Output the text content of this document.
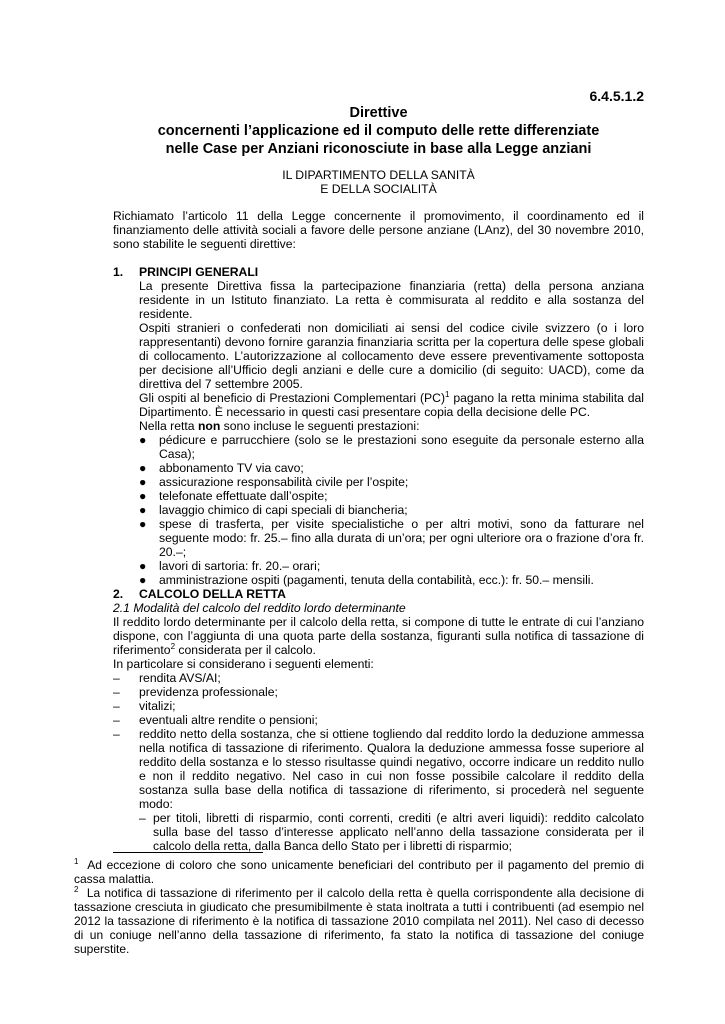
6.4.5.1.2
Direttive
concernenti l’applicazione ed il computo delle rette differenziate
nelle Case per Anziani riconosciute in base alla Legge anziani
IL DIPARTIMENTO DELLA SANITÀ
E DELLA SOCIALITÀ
Richiamato l’articolo 11 della Legge concernente il promovimento, il coordinamento ed il finanziamento delle attività sociali a favore delle persone anziane (LAnz), del 30 novembre 2010, sono stabilite le seguenti direttive:
1. PRINCIPI GENERALI

La presente Direttiva fissa la partecipazione finanziaria (retta) della persona anziana residente in un Istituto finanziato. La retta è commisurata al reddito e alla sostanza del residente.

Ospiti stranieri o confederati non domiciliati ai sensi del codice civile svizzero (o i loro rappresentanti) devono fornire garanzia finanziaria scritta per la copertura delle spese globali di collocamento. L’autorizzazione al collocamento deve essere preventivamente sottoposta per decisione all’Ufficio degli anziani e delle cure a domicilio (di seguito: UACD), come da direttiva del 7 settembre 2005.

Gli ospiti al beneficio di Prestazioni Complementari (PC)$^1$ pagano la retta minima stabilita dal Dipartimento. È necessario in questi casi presentare copia della decisione delle PC.

Nella retta non sono incluse le seguenti prestazioni:

● pédicure e parrucchiere (solo se le prestazioni sono eseguite da personale esterno alla Casa);

● abbonamento TV via cavo;

● assicurazione responsabilità civile per l’ospite;

● telefonate effettuate dall’ospite;

● lavaggio chimico di capi speciali di biancheria;

● spese di trasferta, per visite specialistiche o per altri motivi, sono da fatturare nel seguente modo: fr. 25.– fino alla durata di un’ora; per ogni ulteriore ora o frazione d’ora fr. 20.–;

● lavori di sartoria: fr. 20.– orari;

● amministrazione ospiti (pagamenti, tenuta della contabilità, ecc.): fr. 50.– mensili.

2. CALCOLO DELLA RETTA

2.1 Modalità del calcolo del reddito lordo determinante

Il reddito lordo determinante per il calcolo della retta, si compone di tutte le entrate di cui l’anziano dispone, con l’aggiunta di una quota parte della sostanza, figuranti sulla notifica di tassazione di riferimento$^2$ considerata per il calcolo.

In particolare si considerano i seguenti elementi:

– rendita AVS/AI;

– previdenza professionale;

– vitalizi;

– eventuali altre rendite o pensioni;

– reddito netto della sostanza, che si ottiene togliendo dal reddito lordo la deduzione ammessa nella notifica di tassazione di riferimento. Qualora la deduzione ammessa fosse superiore al reddito della sostanza e lo stesso risultasse quindi negativo, occorre indicare un reddito nullo e non il reddito negativo. Nel caso in cui non fosse possibile calcolare il reddito della sostanza sulla base della notifica di tassazione di riferimento, si procederà nel seguente modo:

– per titoli, libretti di risparmio, conti correnti, crediti (e altri averi liquidi): reddito calcolato sulla base del tasso d’interesse applicato nell’anno della tassazione considerata per il calcolo della retta, dalla Banca dello Stato per i libretti di risparmio;

$^1$ Ad eccezione di coloro che sono unicamente beneficiari del contributo per il pagamento del premio di cassa malattia.

$^2$ La notifica di tassazione di riferimento per il calcolo della retta è quella corrispondente alla decisione di tassazione cresciuta in giudicato che presumibilmente è stata inoltrata a tutti i contribuenti (ad esempio nel 2012 la tassazione di riferimento è la notifica di tassazione 2010 compilata nel 2011). Nel caso di decesso di un coniuge nell’anno della tassazione di riferimento, fa stato la notifica di tassazione del coniuge superstite.
